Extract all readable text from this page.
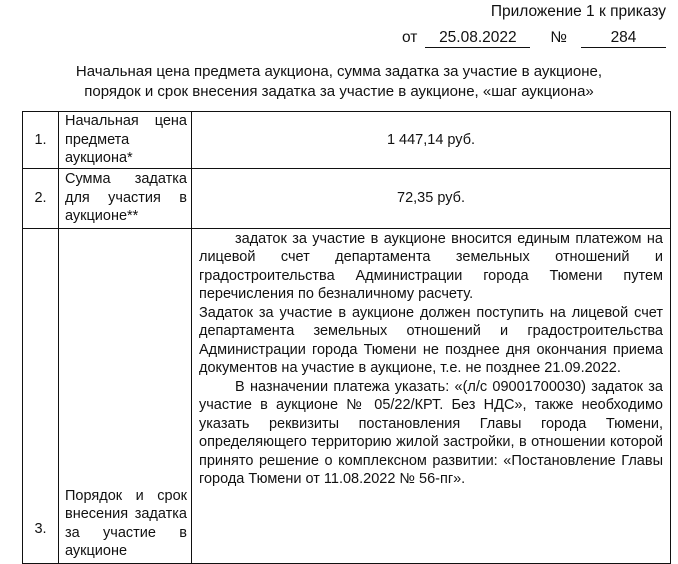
Приложение 1 к приказу
от	25.08.2022	№	284
Начальная цена предмета аукциона, сумма задатка за участие в аукционе,
порядок и срок внесения задатка за участие в аукционе, «шаг аукциона»
1.	Начальная цена предмета аукциона*	1 447,14 руб.
2.	Сумма задатка для участия в аукционе**	72,35 руб.
3.	Порядок и срок внесения задатка за участие в аукционе	задаток за участие в аукционе вносится единым платежом на лицевой счет департамента земельных отношений и градостроительства Администрации города Тюмени путем перечисления по безналичному расчету.

Задаток за участие в аукционе должен поступить на лицевой счет департамента земельных отношений и градостроительства Администрации города Тюмени не позднее дня окончания приема документов на участие в аукционе, т.е. не позднее 21.09.2022.

В назначении платежа указать: «(л/с 09001700030) задаток за участие в аукционе № 05/22/КРТ. Без НДС», также необходимо указать реквизиты постановления Главы города Тюмени, определяющего территорию жилой застройки, в отношении которой принято решение о комплексном развитии: «Постановление Главы города Тюмени от 11.08.2022 № 56-пг».
